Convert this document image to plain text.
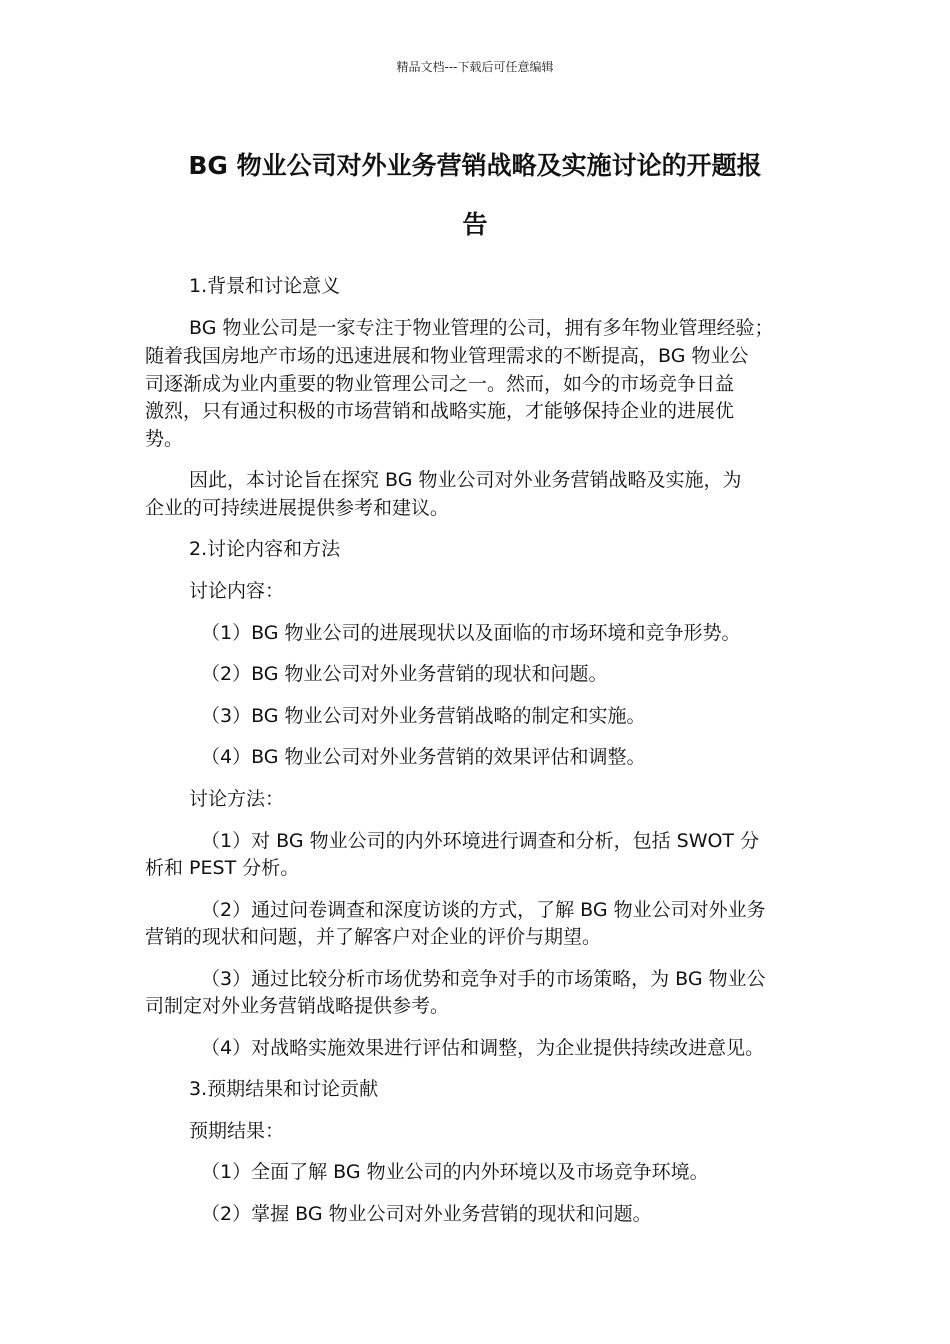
精品文档---下载后可任意编辑
BG 物业公司对外业务营销战略及实施讨论的开题报
告
1.背景和讨论意义
BG 物业公司是一家专注于物业管理的公司，拥有多年物业管理经验；
随着我国房地产市场的迅速进展和物业管理需求的不断提高，BG 物业公
司逐渐成为业内重要的物业管理公司之一。然而，如今的市场竞争日益
激烈，只有通过积极的市场营销和战略实施，才能够保持企业的进展优
势。
因此，本讨论旨在探究 BG 物业公司对外业务营销战略及实施，为
企业的可持续进展提供参考和建议。
2.讨论内容和方法
讨论内容：
（1）BG 物业公司的进展现状以及面临的市场环境和竞争形势。
（2）BG 物业公司对外业务营销的现状和问题。
（3）BG 物业公司对外业务营销战略的制定和实施。
（4）BG 物业公司对外业务营销的效果评估和调整。
讨论方法：
（1）对 BG 物业公司的内外环境进行调查和分析，包括 SWOT 分
析和 PEST 分析。
（2）通过问卷调查和深度访谈的方式，了解 BG 物业公司对外业务
营销的现状和问题，并了解客户对企业的评价与期望。
（3）通过比较分析市场优势和竞争对手的市场策略，为 BG 物业公
司制定对外业务营销战略提供参考。
（4）对战略实施效果进行评估和调整，为企业提供持续改进意见。
3.预期结果和讨论贡献
预期结果：
（1）全面了解 BG 物业公司的内外环境以及市场竞争环境。
（2）掌握 BG 物业公司对外业务营销的现状和问题。
